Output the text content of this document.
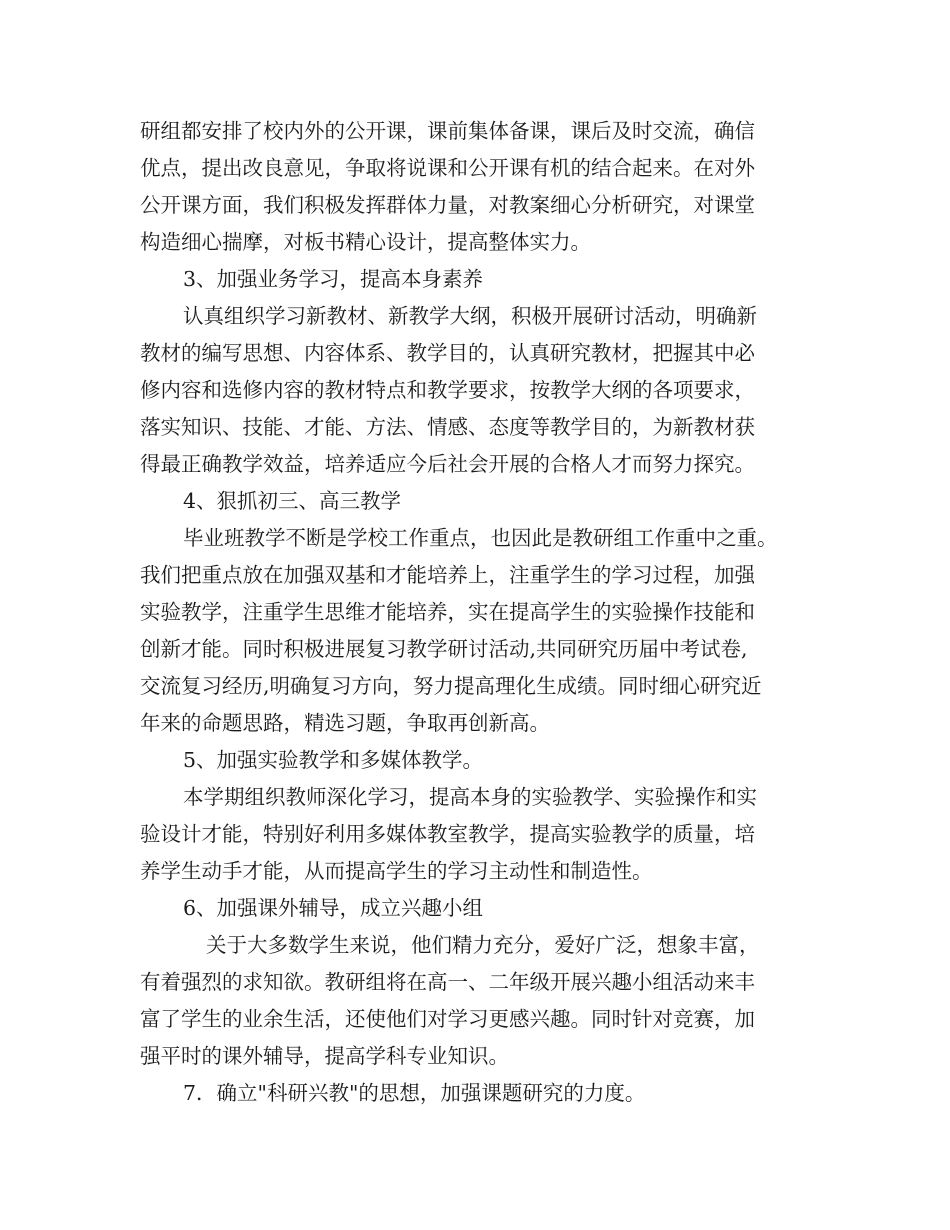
研组都安排了校内外的公开课，课前集体备课，课后及时交流，确信
优点，提出改良意见，争取将说课和公开课有机的结合起来。在对外
公开课方面，我们积极发挥群体力量，对教案细心分析研究，对课堂
构造细心揣摩，对板书精心设计，提高整体实力。
3、加强业务学习，提高本身素养
认真组织学习新教材、新教学大纲，积极开展研讨活动，明确新
教材的编写思想、内容体系、教学目的，认真研究教材，把握其中必
修内容和选修内容的教材特点和教学要求，按教学大纲的各项要求，
落实知识、技能、才能、方法、情感、态度等教学目的，为新教材获
得最正确教学效益，培养适应今后社会开展的合格人才而努力探究。
4、狠抓初三、高三教学
毕业班教学不断是学校工作重点，也因此是教研组工作重中之重。
我们把重点放在加强双基和才能培养上，注重学生的学习过程，加强
实验教学，注重学生思维才能培养，实在提高学生的实验操作技能和
创新才能。同时积极进展复习教学研讨活动,共同研究历届中考试卷,
交流复习经历,明确复习方向，努力提高理化生成绩。同时细心研究近
年来的命题思路，精选习题，争取再创新高。
5、加强实验教学和多媒体教学。
本学期组织教师深化学习，提高本身的实验教学、实验操作和实
验设计才能，特别好利用多媒体教室教学，提高实验教学的质量，培
养学生动手才能，从而提高学生的学习主动性和制造性。
6、加强课外辅导，成立兴趣小组
关于大多数学生来说，他们精力充分，爱好广泛，想象丰富，
有着强烈的求知欲。教研组将在高一、二年级开展兴趣小组活动来丰
富了学生的业余生活，还使他们对学习更感兴趣。同时针对竞赛，加
强平时的课外辅导，提高学科专业知识。
7．确立"科研兴教"的思想，加强课题研究的力度。
